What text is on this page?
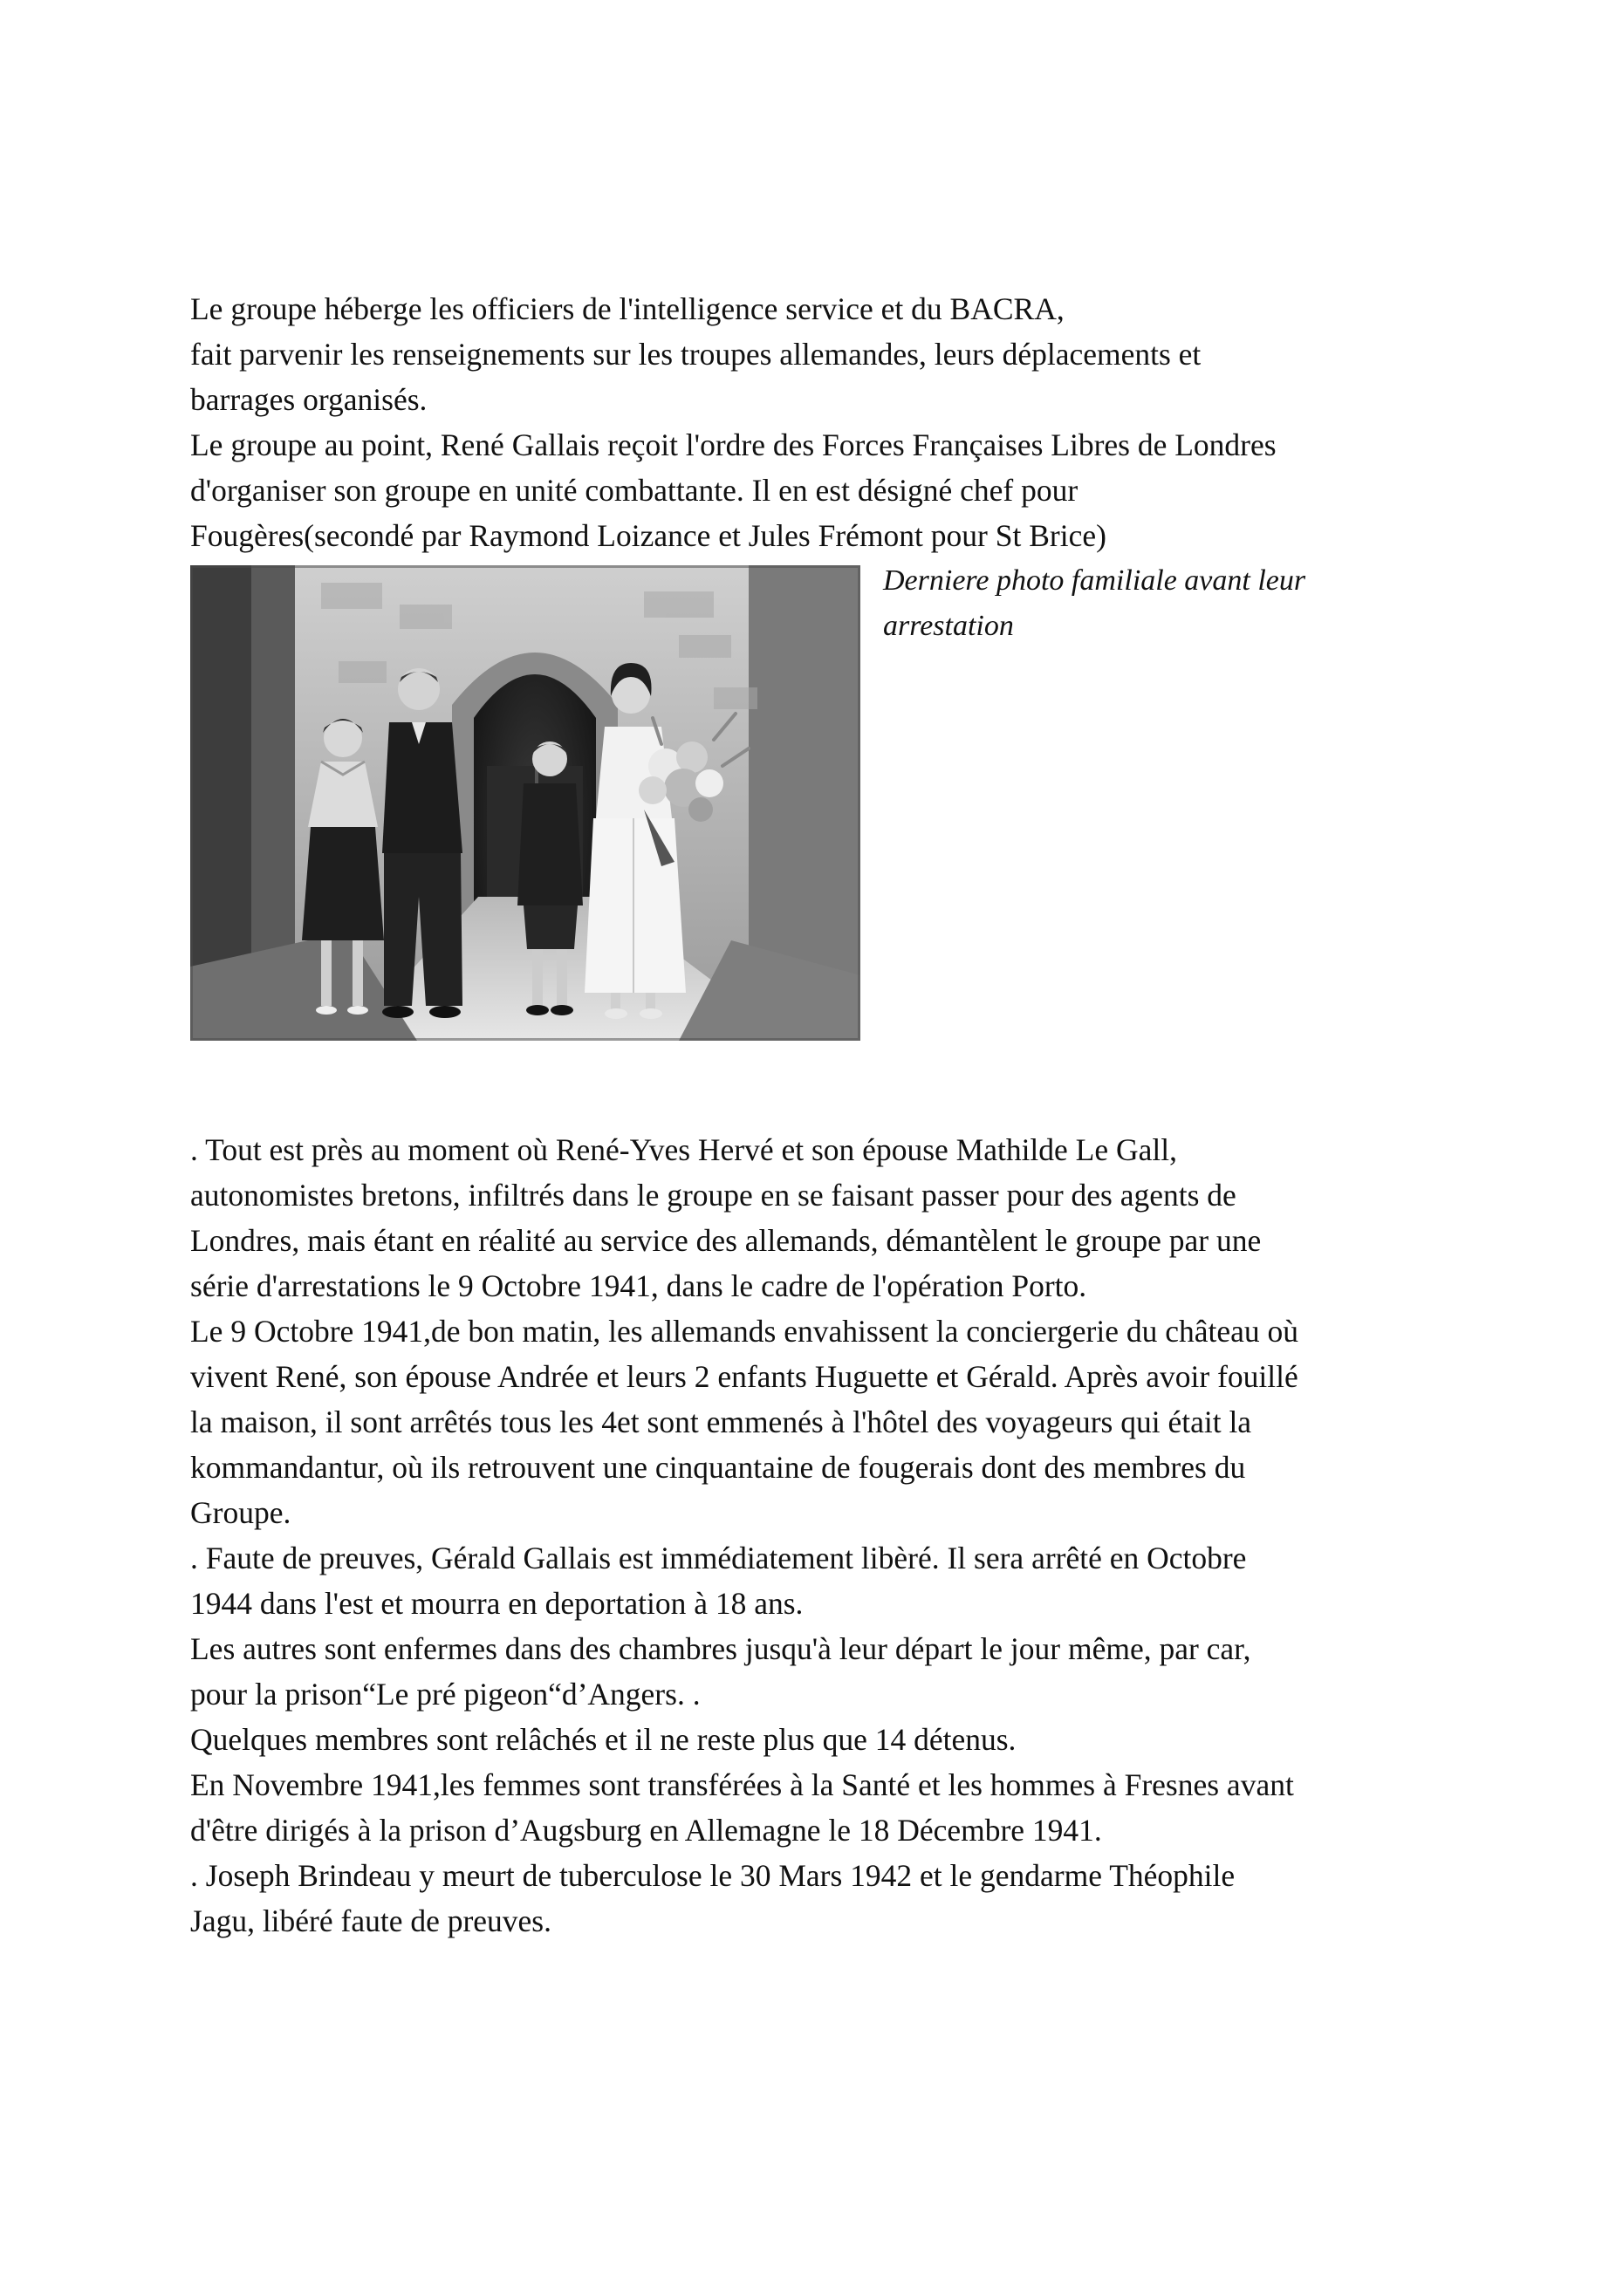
Le groupe héberge les officiers de l'intelligence service et du BACRA,
fait parvenir les renseignements sur les troupes allemandes, leurs déplacements et
barrages organisés.
Le groupe au point, René Gallais reçoit l'ordre des Forces Françaises Libres de Londres
d'organiser son groupe en unité combattante. Il en est désigné chef pour
Fougères(secondé par Raymond Loizance et Jules Frémont pour St Brice)
Derniere photo familiale avant leur
arrestation
. Tout est près au moment où René-Yves Hervé et son épouse Mathilde Le Gall,
autonomistes bretons, infiltrés dans le groupe en se faisant passer pour des agents de
Londres, mais étant en réalité au service des allemands, démantèlent le groupe par une
série d'arrestations le 9 Octobre 1941, dans le cadre de l'opération Porto.
Le 9 Octobre 1941,de bon matin, les allemands envahissent la conciergerie du château où
vivent René, son épouse Andrée et leurs 2 enfants Huguette et Gérald. Après avoir fouillé
la maison, il sont arrêtés tous les 4et sont emmenés à l'hôtel des voyageurs qui était la
kommandantur, où ils retrouvent une cinquantaine de fougerais dont des membres du
Groupe.
. Faute de preuves, Gérald Gallais est immédiatement libèré. Il sera arrêté en Octobre
1944 dans l'est et mourra en deportation à 18 ans.
Les autres sont enfermes dans des chambres jusqu'à leur départ le jour même, par car,
pour la prison“Le pré pigeon“d’Angers. .
Quelques membres sont relâchés et il ne reste plus que 14 détenus.
En Novembre 1941,les femmes sont transférées à la Santé et les hommes à Fresnes avant
d'être dirigés à la prison d’Augsburg en Allemagne le 18 Décembre 1941.
. Joseph Brindeau y meurt de tuberculose le 30 Mars 1942 et le gendarme Théophile
Jagu, libéré faute de preuves.
